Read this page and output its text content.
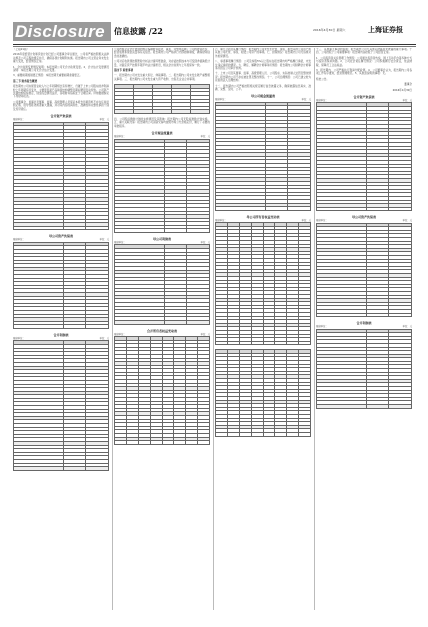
Disclosure	信息披露 /22	2016年4月30日 星期六	上海证券报

（上接21版）

2016年度经营计划和资金计划已经公司董事会审议通过，公司将严格按照相关法律法规及公司章程的规定执行，确保各项计划顺利实施。报告期内公司主营业务未发生重大变化，经营情况正常。

1、会计政策变更情况说明：本报告期公司无会计政策变更。2、会计估计变更情况说明：本报告期公司无会计估计变更。

3、重要前期差错更正情况：本报告期无重要前期差错更正。

第三节 财务报告概要

报告期内公司实现营业收入与上年同期相比有所增长，归属于上市公司股东的净利润较上年同期有所变化，主要原因是产品销售结构调整及期间费用变动所致。公司资产负债结构保持稳定，现金流量情况良好，各项财务指标处于合理区间。详细数据参见下列财务报表。

公司董事会、监事会及董事、监事、高级管理人员保证本报告所载资料不存在任何虚假记载、误导性陈述或者重大遗漏，并对其内容的真实性、准确性和完整性承担个别及连带责任。

合并资产负债表
编制单位：	单位：元

母公司资产负债表
编制单位：	单位：元

合并利润表
编制单位：	单位：元

公司按照企业会计准则的规定编制财务报表，真实、完整地反映了公司的财务状况、经营成果和现金流量等有关信息。报告期内公司严格执行内部控制制度，确保财务信息的准确性。

公司对应收款项按照账龄分析法计提坏账准备，对存货按照成本与可变现净值孰低计量，对固定资产按照年限平均法计提折旧，相关会计政策与上年度保持一致。

第四节 重要事项

一、报告期内公司未发生重大诉讼、仲裁事项。二、报告期内公司未发生破产重整相关事项。三、报告期内公司未发生重大资产收购、出售及企业合并事项。

四、公司股权激励计划的实施情况及其影响：报告期内公司无股权激励计划实施。五、重大关联交易：报告期内公司关联交易均按照市场公允价格定价，履行了必要的审批程序。

合并现金流量表
编制单位：	单位：元

母公司利润表
编制单位：	单位：元

合并所有者权益变动表
编制单位：	单位：元

六、重大合同及其履行情况：报告期内公司未发生托管、承包、租赁其他公司资产或其他公司托管、承包、租赁公司资产的事项。七、担保情况：报告期内公司无违规对外担保情况。

八、承诺事项履行情况：公司及持股5%以上股东在报告期内均严格履行承诺，未发生违反承诺的情况。九、聘任、解聘会计师事务所情况：报告期内公司续聘会计师事务所担任公司审计机构。

十、上市公司及其董事、监事、高级管理人员、公司股东、实际控制人处罚及整改情况：报告期内公司不存在被处罚及整改情况。十一、公司治理情况：公司已建立较为完善的法人治理结构。

十二、报告期内公司严格按照相关规定履行信息披露义务，确保披露信息真实、准确、完整、及时、公平。

母公司现金流量表
编制单位：	单位：元

母公司所有者权益变动表
编制单位：	单位：元

十三、其他重大事项的说明：报告期内公司无其他应披露而未披露的重大事项。十四、公司控股子公司重要事项：报告期内各控股子公司经营正常。

1、公司投资者关系管理工作情况：公司通过投资者热线、网上互动平台等多种方式与投资者保持沟通。2、公司社会责任履行情况：公司积极履行社会责任，依法纳税，保障员工合法权益。

3、报告期内，公司严格执行利润分配政策。4、公司董事会认为，报告期内公司各项工作有序推进，经营管理规范。5、其他需说明的事项：无。

特此公告。

董事会
2016年4月30日
合并资产负债表
编制单位：	单位：元

母公司资产负债表
编制单位：	单位：元

合并利润表
编制单位：	单位：元
